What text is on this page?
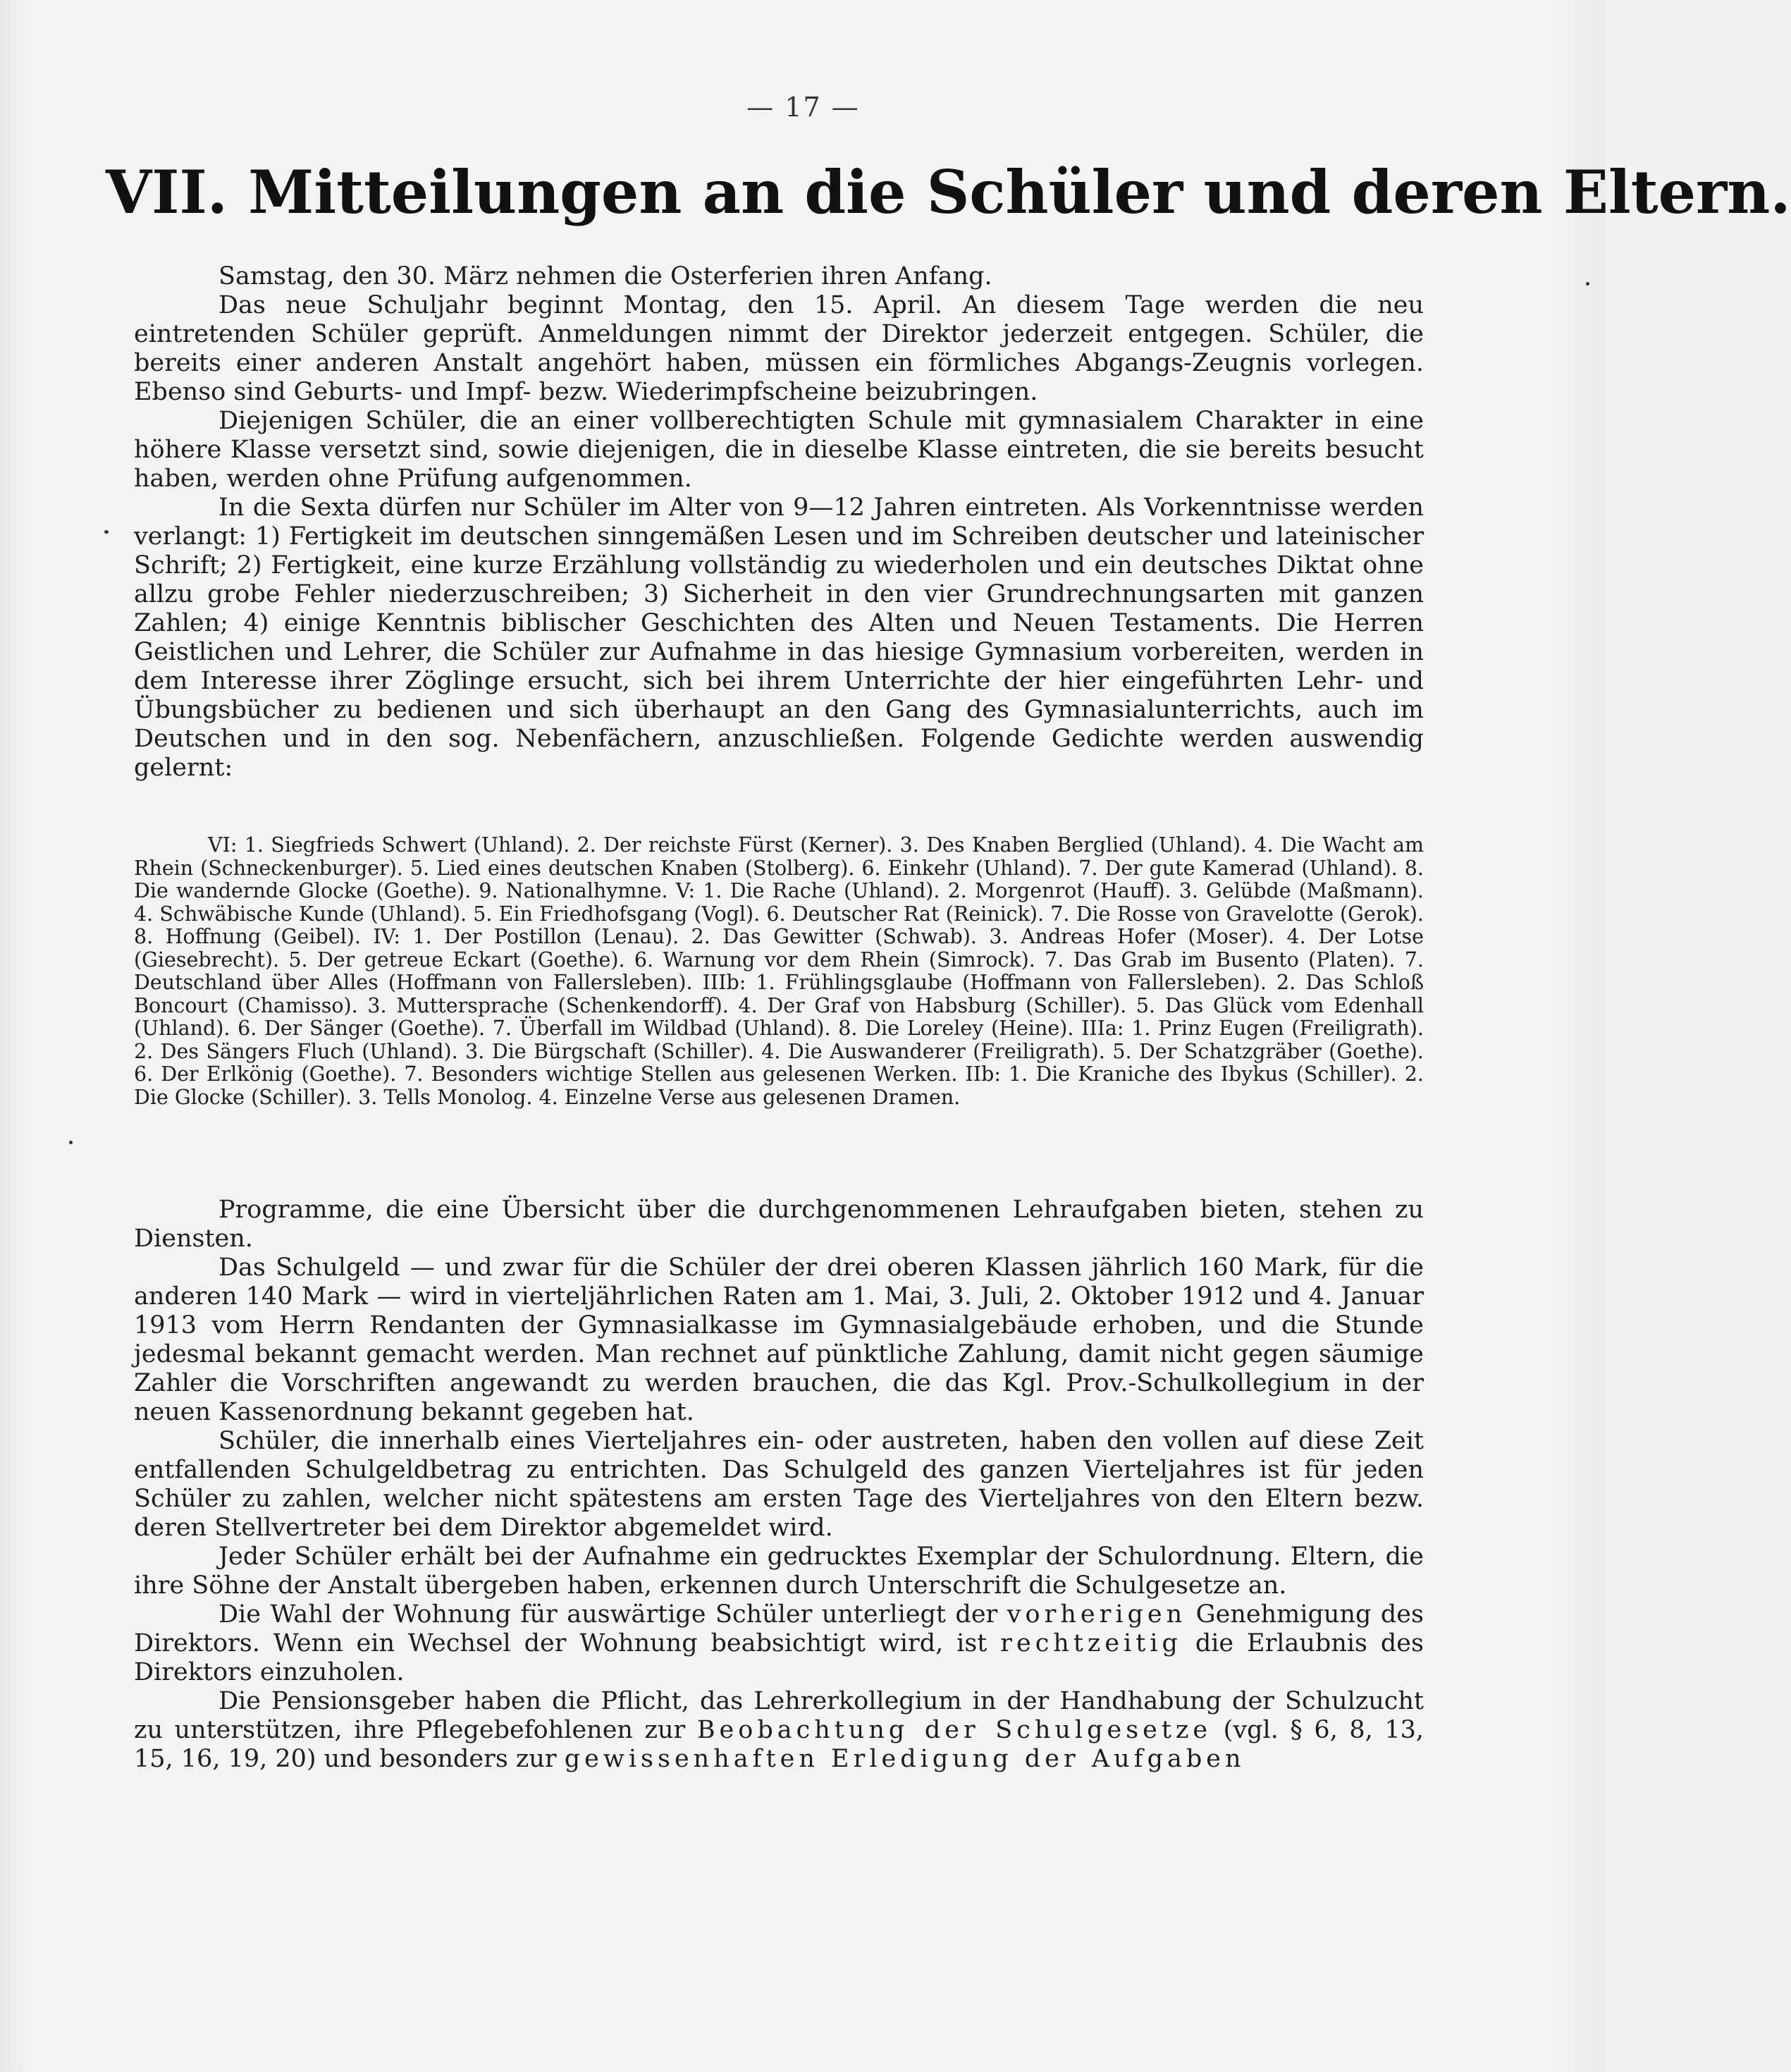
— 17 —
VII. Mitteilungen an die Schüler und deren Eltern.

Samstag, den 30. März nehmen die Osterferien ihren Anfang.

Das neue Schuljahr beginnt Montag, den 15. April. An diesem Tage werden die neu eintretenden Schüler geprüft. Anmeldungen nimmt der Direktor jederzeit entgegen. Schüler, die bereits einer anderen Anstalt angehört haben, müssen ein förmliches Abgangs-Zeugnis vorlegen. Ebenso sind Geburts- und Impf- bezw. Wiederimpfscheine beizubringen.

Diejenigen Schüler, die an einer vollberechtigten Schule mit gymnasialem Charakter in eine höhere Klasse versetzt sind, sowie diejenigen, die in dieselbe Klasse eintreten, die sie bereits besucht haben, werden ohne Prüfung aufgenommen.

In die Sexta dürfen nur Schüler im Alter von 9—12 Jahren eintreten. Als Vorkenntnisse werden verlangt: 1) Fertigkeit im deutschen sinngemäßen Lesen und im Schreiben deutscher und lateinischer Schrift; 2) Fertigkeit, eine kurze Erzählung vollständig zu wiederholen und ein deutsches Diktat ohne allzu grobe Fehler niederzuschreiben; 3) Sicherheit in den vier Grundrechnungsarten mit ganzen Zahlen; 4) einige Kenntnis biblischer Geschichten des Alten und Neuen Testaments. Die Herren Geistlichen und Lehrer, die Schüler zur Aufnahme in das hiesige Gymnasium vorbereiten, werden in dem Interesse ihrer Zöglinge ersucht, sich bei ihrem Unterrichte der hier eingeführten Lehr- und Übungsbücher zu bedienen und sich überhaupt an den Gang des Gymnasialunterrichts, auch im Deutschen und in den sog. Nebenfächern, anzuschließen. Folgende Gedichte werden auswendig gelernt:

VI: 1. Siegfrieds Schwert (Uhland). 2. Der reichste Fürst (Kerner). 3. Des Knaben Berglied (Uhland). 4. Die Wacht am Rhein (Schneckenburger). 5. Lied eines deutschen Knaben (Stolberg). 6. Einkehr (Uhland). 7. Der gute Kamerad (Uhland). 8. Die wandernde Glocke (Goethe). 9. Nationalhymne. V: 1. Die Rache (Uhland). 2. Morgenrot (Hauff). 3. Gelübde (Maßmann). 4. Schwäbische Kunde (Uhland). 5. Ein Friedhofsgang (Vogl). 6. Deutscher Rat (Reinick). 7. Die Rosse von Gravelotte (Gerok). 8. Hoffnung (Geibel). IV: 1. Der Postillon (Lenau). 2. Das Gewitter (Schwab). 3. Andreas Hofer (Moser). 4. Der Lotse (Giesebrecht). 5. Der getreue Eckart (Goethe). 6. Warnung vor dem Rhein (Simrock). 7. Das Grab im Busento (Platen). 7. Deutschland über Alles (Hoffmann von Fallersleben). IIIb: 1. Frühlingsglaube (Hoffmann von Fallersleben). 2. Das Schloß Boncourt (Chamisso). 3. Muttersprache (Schenkendorff). 4. Der Graf von Habsburg (Schiller). 5. Das Glück vom Edenhall (Uhland). 6. Der Sänger (Goethe). 7. Überfall im Wildbad (Uhland). 8. Die Loreley (Heine). IIIa: 1. Prinz Eugen (Freiligrath). 2. Des Sängers Fluch (Uhland). 3. Die Bürgschaft (Schiller). 4. Die Auswanderer (Freiligrath). 5. Der Schatzgräber (Goethe). 6. Der Erlkönig (Goethe). 7. Besonders wichtige Stellen aus gelesenen Werken. IIb: 1. Die Kraniche des Ibykus (Schiller). 2. Die Glocke (Schiller). 3. Tells Monolog. 4. Einzelne Verse aus gelesenen Dramen.

Programme, die eine Übersicht über die durchgenommenen Lehraufgaben bieten, stehen zu Diensten.

Das Schulgeld — und zwar für die Schüler der drei oberen Klassen jährlich 160 Mark, für die anderen 140 Mark — wird in vierteljährlichen Raten am 1. Mai, 3. Juli, 2. Oktober 1912 und 4. Januar 1913 vom Herrn Rendanten der Gymnasialkasse im Gymnasialgebäude erhoben, und die Stunde jedesmal bekannt gemacht werden. Man rechnet auf pünktliche Zahlung, damit nicht gegen säumige Zahler die Vorschriften angewandt zu werden brauchen, die das Kgl. Prov.-Schulkollegium in der neuen Kassenordnung bekannt gegeben hat.

Schüler, die innerhalb eines Vierteljahres ein- oder austreten, haben den vollen auf diese Zeit entfallenden Schulgeldbetrag zu entrichten. Das Schulgeld des ganzen Vierteljahres ist für jeden Schüler zu zahlen, welcher nicht spätestens am ersten Tage des Vierteljahres von den Eltern bezw. deren Stellvertreter bei dem Direktor abgemeldet wird.

Jeder Schüler erhält bei der Aufnahme ein gedrucktes Exemplar der Schulordnung. Eltern, die ihre Söhne der Anstalt übergeben haben, erkennen durch Unterschrift die Schulgesetze an.

Die Wahl der Wohnung für auswärtige Schüler unterliegt der vorherigen Genehmigung des Direktors. Wenn ein Wechsel der Wohnung beabsichtigt wird, ist rechtzeitig die Erlaubnis des Direktors einzuholen.

Die Pensionsgeber haben die Pflicht, das Lehrerkollegium in der Handhabung der Schulzucht zu unterstützen, ihre Pflegebefohlenen zur Beobachtung der Schulgesetze (vgl. § 6, 8, 13, 15, 16, 19, 20) und besonders zur gewissenhaften Erledigung der Aufgaben
